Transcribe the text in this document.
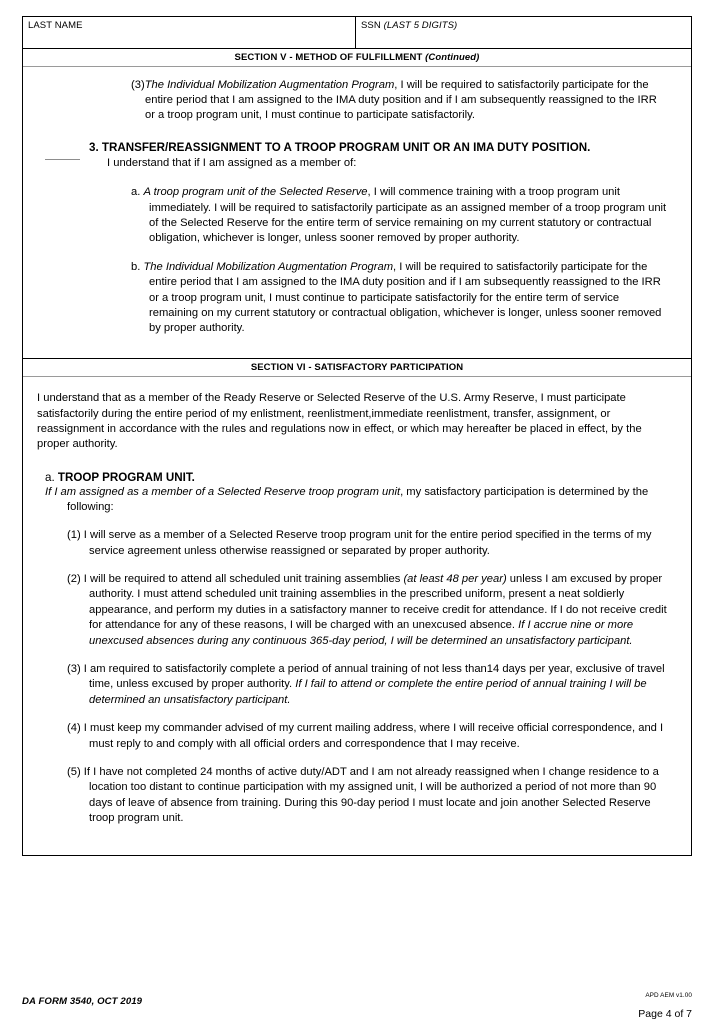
LAST NAME	SSN (LAST 5 DIGITS)
SECTION V - METHOD OF FULFILLMENT (Continued)
(3)The Individual Mobilization Augmentation Program, I will be required to satisfactorily participate for the entire period that I am assigned to the IMA duty position and if I am subsequently reassigned to the IRR or a troop program unit, I must continue to participate satisfactorily.
3. TRANSFER/REASSIGNMENT TO A TROOP PROGRAM UNIT OR AN IMA DUTY POSITION.
I understand that if I am assigned as a member of:
a. A troop program unit of the Selected Reserve, I will commence training with a troop program unit immediately. I will be required to satisfactorily participate as an assigned member of a troop program unit of the Selected Reserve for the entire term of service remaining on my current statutory or contractual obligation, whichever is longer, unless sooner removed by proper authority.
b. The Individual Mobilization Augmentation Program, I will be required to satisfactorily participate for the entire period that I am assigned to the IMA duty position and if I am subsequently reassigned to the IRR or a troop program unit, I must continue to participate satisfactorily for the entire term of service remaining on my current statutory or contractual obligation, whichever is longer, unless sooner removed by proper authority.
SECTION VI - SATISFACTORY PARTICIPATION
I understand that as a member of the Ready Reserve or Selected Reserve of the U.S. Army Reserve, I must participate satisfactorily during the entire period of my enlistment, reenlistment,immediate reenlistment, transfer, assignment, or reassignment in accordance with the rules and regulations now in effect, or which may hereafter be placed in effect, by the proper authority.
a. TROOP PROGRAM UNIT.
If I am assigned as a member of a Selected Reserve troop program unit, my satisfactory participation is determined by the following:
(1) I will serve as a member of a Selected Reserve troop program unit for the entire period specified in the terms of my service agreement unless otherwise reassigned or separated by proper authority.
(2) I will be required to attend all scheduled unit training assemblies (at least 48 per year) unless I am excused by proper authority. I must attend scheduled unit training assemblies in the prescribed uniform, present a neat soldierly appearance, and perform my duties in a satisfactory manner to receive credit for attendance. If I do not receive credit for attendance for any of these reasons, I will be charged with an unexcused absence. If I accrue nine or more unexcused absences during any continuous 365-day period, I will be determined an unsatisfactory participant.
(3) I am required to satisfactorily complete a period of annual training of not less than14 days per year, exclusive of travel time, unless excused by proper authority. If I fail to attend or complete the entire period of annual training I will be determined an unsatisfactory participant.
(4) I must keep my commander advised of my current mailing address, where I will receive official correspondence, and I must reply to and comply with all official orders and correspondence that I may receive.
(5) If I have not completed 24 months of active duty/ADT and I am not already reassigned when I change residence to a location too distant to continue participation with my assigned unit, I will be authorized a period of not more than 90 days of leave of absence from training. During this 90-day period I must locate and join another Selected Reserve troop program unit.
DA FORM 3540, OCT 2019
APD AEM v1.00
Page 4 of 7
